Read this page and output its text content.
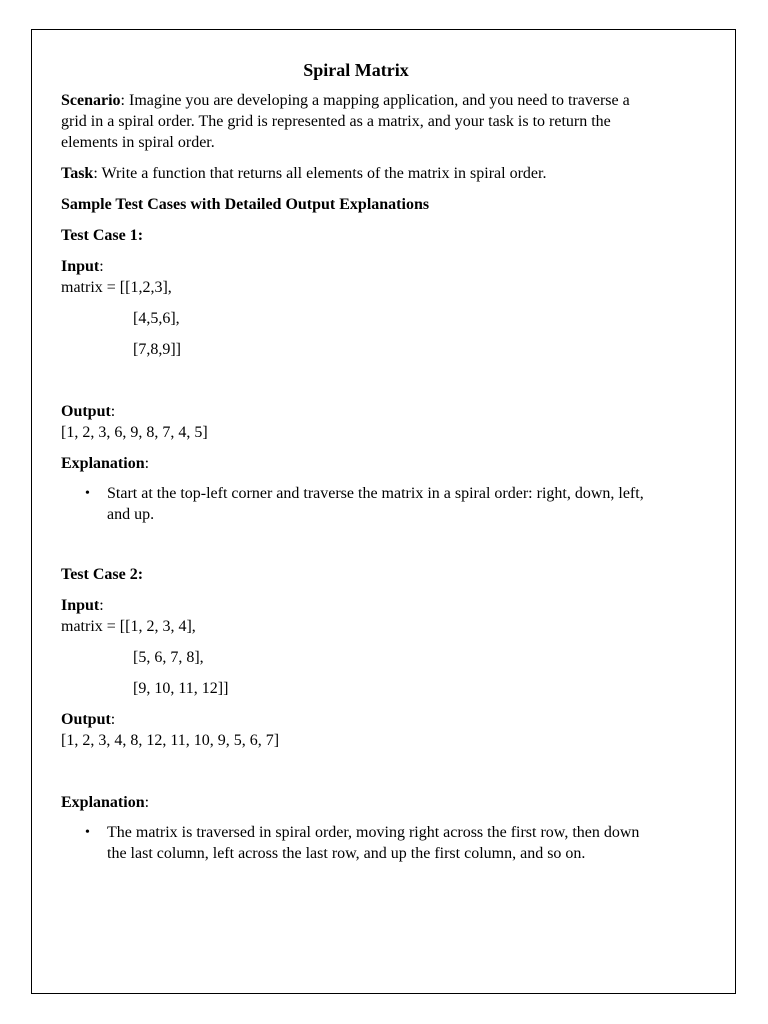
Spiral Matrix

Scenario: Imagine you are developing a mapping application, and you need to traverse a grid in a spiral order. The grid is represented as a matrix, and your task is to return the elements in spiral order.

Task: Write a function that returns all elements of the matrix in spiral order.

Sample Test Cases with Detailed Output Explanations

Test Case 1:

Input:

matrix = [[1,2,3],

[4,5,6],

[7,8,9]]

Output:

[1, 2, 3, 6, 9, 8, 7, 4, 5]

Explanation:

• Start at the top-left corner and traverse the matrix in a spiral order: right, down, left, and up.

Test Case 2:

Input:

matrix = [[1, 2, 3, 4],

[5, 6, 7, 8],

[9, 10, 11, 12]]

Output:

[1, 2, 3, 4, 8, 12, 11, 10, 9, 5, 6, 7]

Explanation:

• The matrix is traversed in spiral order, moving right across the first row, then down the last column, left across the last row, and up the first column, and so on.
